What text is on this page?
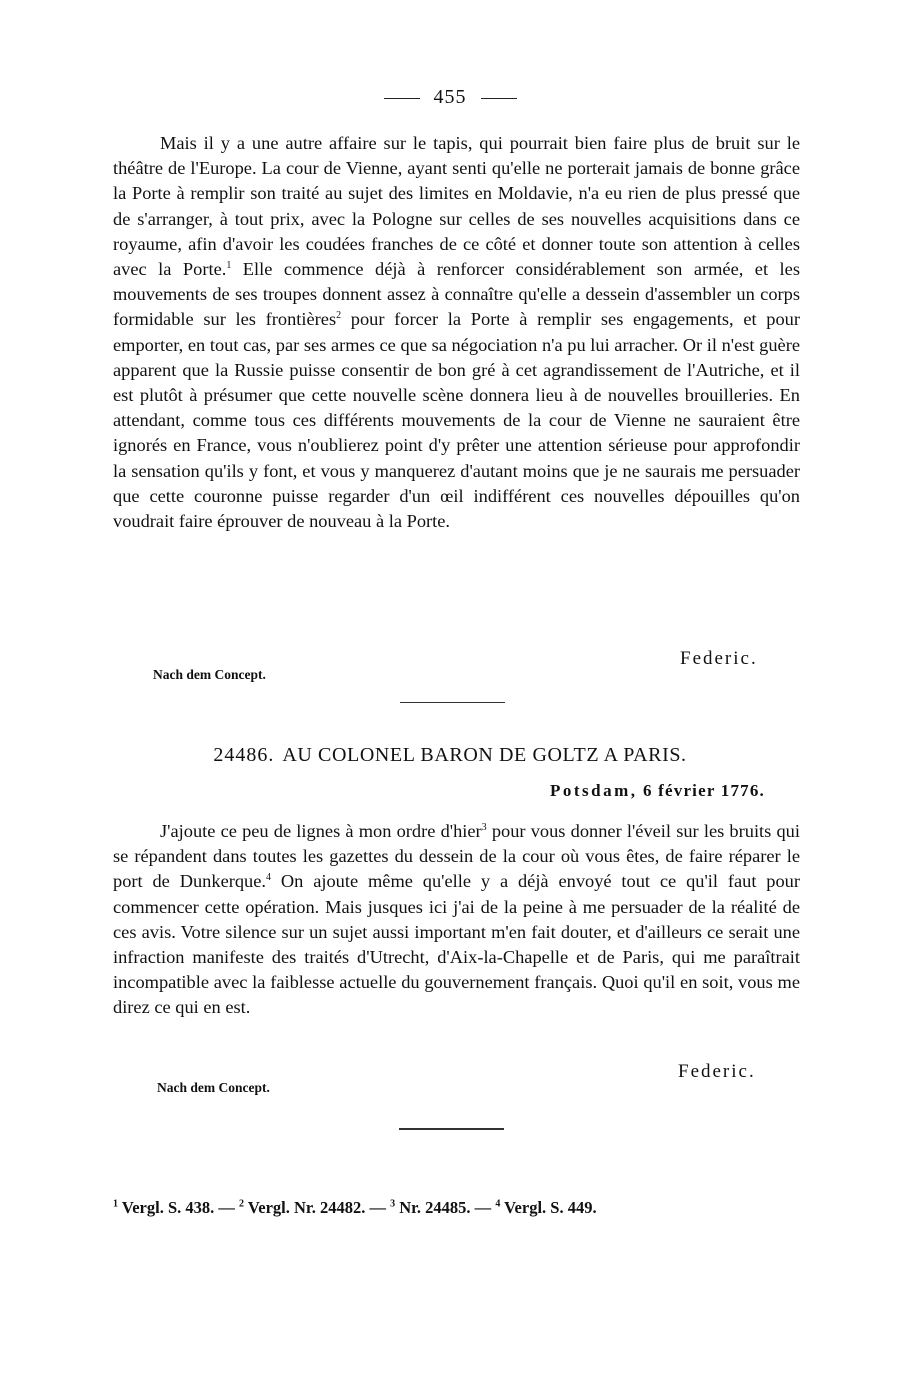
455
Mais il y a une autre affaire sur le tapis, qui pourrait bien faire plus de bruit sur le théâtre de l'Europe. La cour de Vienne, ayant senti qu'elle ne porterait jamais de bonne grâce la Porte à remplir son traité au sujet des limites en Moldavie, n'a eu rien de plus pressé que de s'arranger, à tout prix, avec la Pologne sur celles de ses nouvelles acquisitions dans ce royaume, afin d'avoir les coudées franches de ce côté et donner toute son attention à celles avec la Porte.$^1$ Elle commence déjà à renforcer considérablement son armée, et les mouvements de ses troupes donnent assez à connaître qu'elle a dessein d'assembler un corps formidable sur les frontières$^2$ pour forcer la Porte à remplir ses engagements, et pour emporter, en tout cas, par ses armes ce que sa négociation n'a pu lui arracher. Or il n'est guère apparent que la Russie puisse consentir de bon gré à cet agrandissement de l'Autriche, et il est plutôt à présumer que cette nouvelle scène donnera lieu à de nouvelles brouilleries. En attendant, comme tous ces différents mouvements de la cour de Vienne ne sauraient être ignorés en France, vous n'oublierez point d'y prêter une attention sérieuse pour approfondir la sensation qu'ils y font, et vous y manquerez d'autant moins que je ne saurais me persuader que cette couronne puisse regarder d'un œil indifférent ces nouvelles dépouilles qu'on voudrait faire éprouver de nouveau à la Porte.
Federic.
Nach dem Concept.
24486. AU COLONEL BARON DE GOLTZ A PARIS.
Potsdam, 6 février 1776.
J'ajoute ce peu de lignes à mon ordre d'hier$^3$ pour vous donner l'éveil sur les bruits qui se répandent dans toutes les gazettes du dessein de la cour où vous êtes, de faire réparer le port de Dunkerque.$^4$ On ajoute même qu'elle y a déjà envoyé tout ce qu'il faut pour commencer cette opération. Mais jusques ici j'ai de la peine à me persuader de la réalité de ces avis. Votre silence sur un sujet aussi important m'en fait douter, et d'ailleurs ce serait une infraction manifeste des traités d'Utrecht, d'Aix-la-Chapelle et de Paris, qui me paraîtrait incompatible avec la faiblesse actuelle du gouvernement français. Quoi qu'il en soit, vous me direz ce qui en est.
Federic.
Nach dem Concept.
$^1$ Vergl. S. 438. — $^2$ Vergl. Nr. 24482. — $^3$ Nr. 24485. — $^4$ Vergl. S. 449.
